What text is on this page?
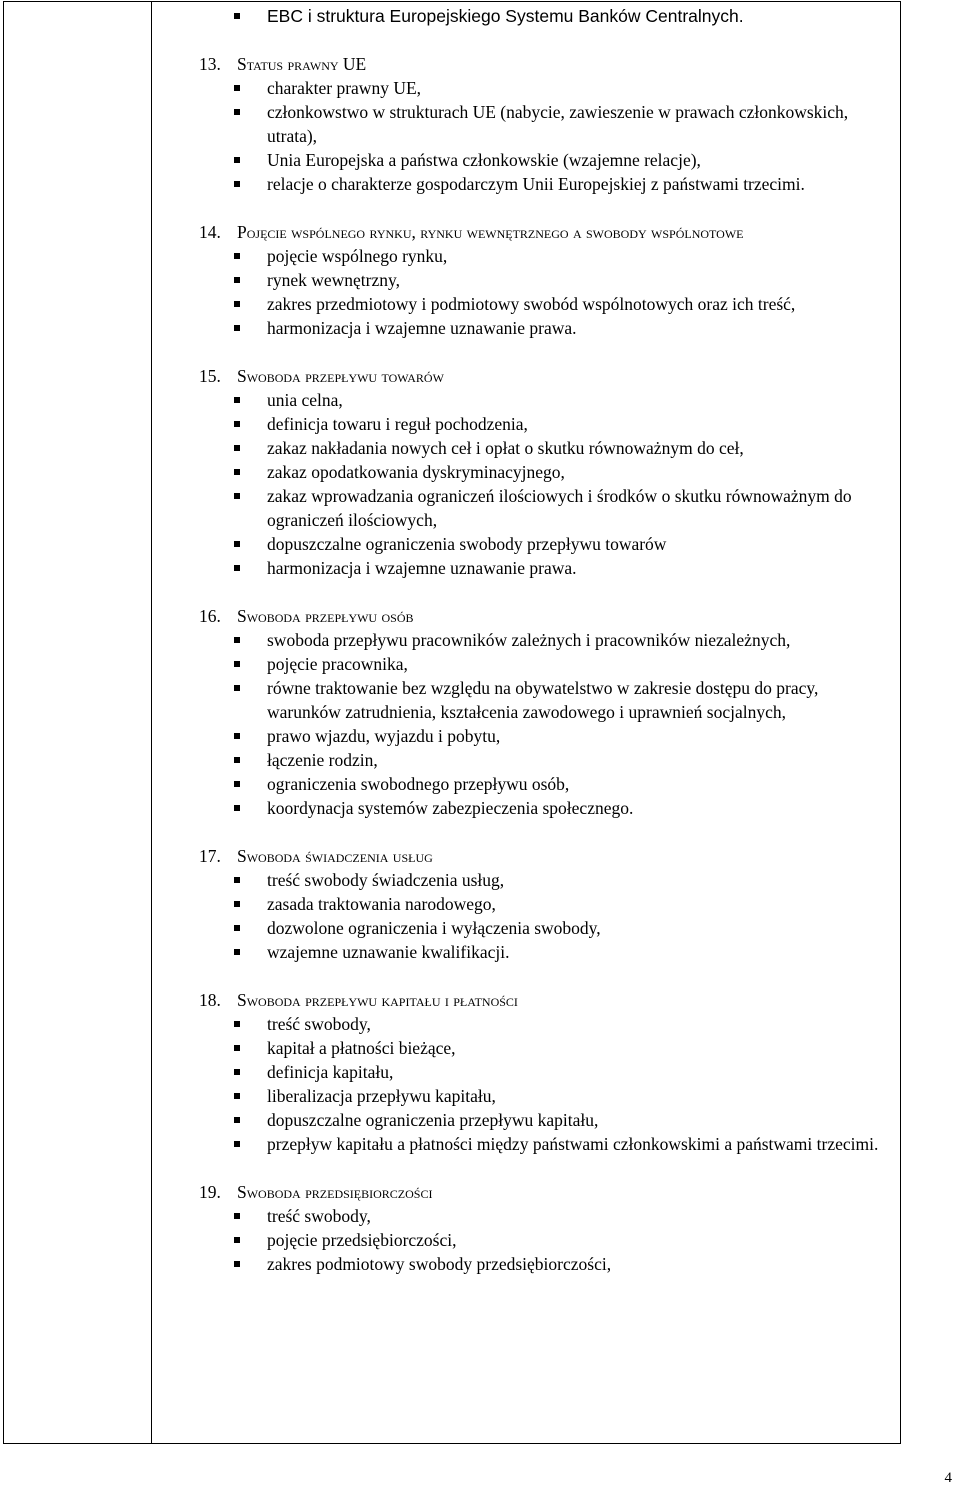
EBC i struktura Europejskiego Systemu Banków Centralnych.
13. Status prawny UE
charakter prawny UE,
członkowstwo w strukturach UE (nabycie, zawieszenie w prawach członkowskich, utrata),
Unia Europejska a państwa członkowskie (wzajemne relacje),
relacje o charakterze gospodarczym Unii Europejskiej z państwami trzecimi.
14. Pojęcie wspólnego rynku, rynku wewnętrznego a swobody wspólnotowe
pojęcie wspólnego rynku,
rynek wewnętrzny,
zakres przedmiotowy i podmiotowy swobód wspólnotowych oraz ich treść,
harmonizacja i wzajemne uznawanie prawa.
15. Swoboda przepływu towarów
unia celna,
definicja towaru i reguł pochodzenia,
zakaz nakładania nowych ceł i opłat o skutku równoważnym do ceł,
zakaz opodatkowania dyskryminacyjnego,
zakaz wprowadzania ograniczeń ilościowych i środków o skutku równoważnym do ograniczeń ilościowych,
dopuszczalne ograniczenia swobody przepływu towarów
harmonizacja i wzajemne uznawanie prawa.
16. Swoboda przepływu osób
swoboda przepływu pracowników zależnych i pracowników niezależnych,
pojęcie pracownika,
równe traktowanie bez względu na obywatelstwo w zakresie dostępu do pracy, warunków zatrudnienia, kształcenia zawodowego i uprawnień socjalnych,
prawo wjazdu, wyjazdu i pobytu,
łączenie rodzin,
ograniczenia swobodnego przepływu osób,
koordynacja systemów zabezpieczenia społecznego.
17. Swoboda świadczenia usług
treść swobody świadczenia usług,
zasada traktowania narodowego,
dozwolone ograniczenia i wyłączenia swobody,
wzajemne uznawanie kwalifikacji.
18. Swoboda przepływu kapitału i płatności
treść swobody,
kapitał a płatności bieżące,
definicja kapitału,
liberalizacja przepływu kapitału,
dopuszczalne ograniczenia przepływu kapitału,
przepływ kapitału a płatności między państwami członkowskimi a państwami trzecimi.
19. Swoboda przedsiębiorczości
treść swobody,
pojęcie przedsiębiorczości,
zakres podmiotowy swobody przedsiębiorczości,
4
